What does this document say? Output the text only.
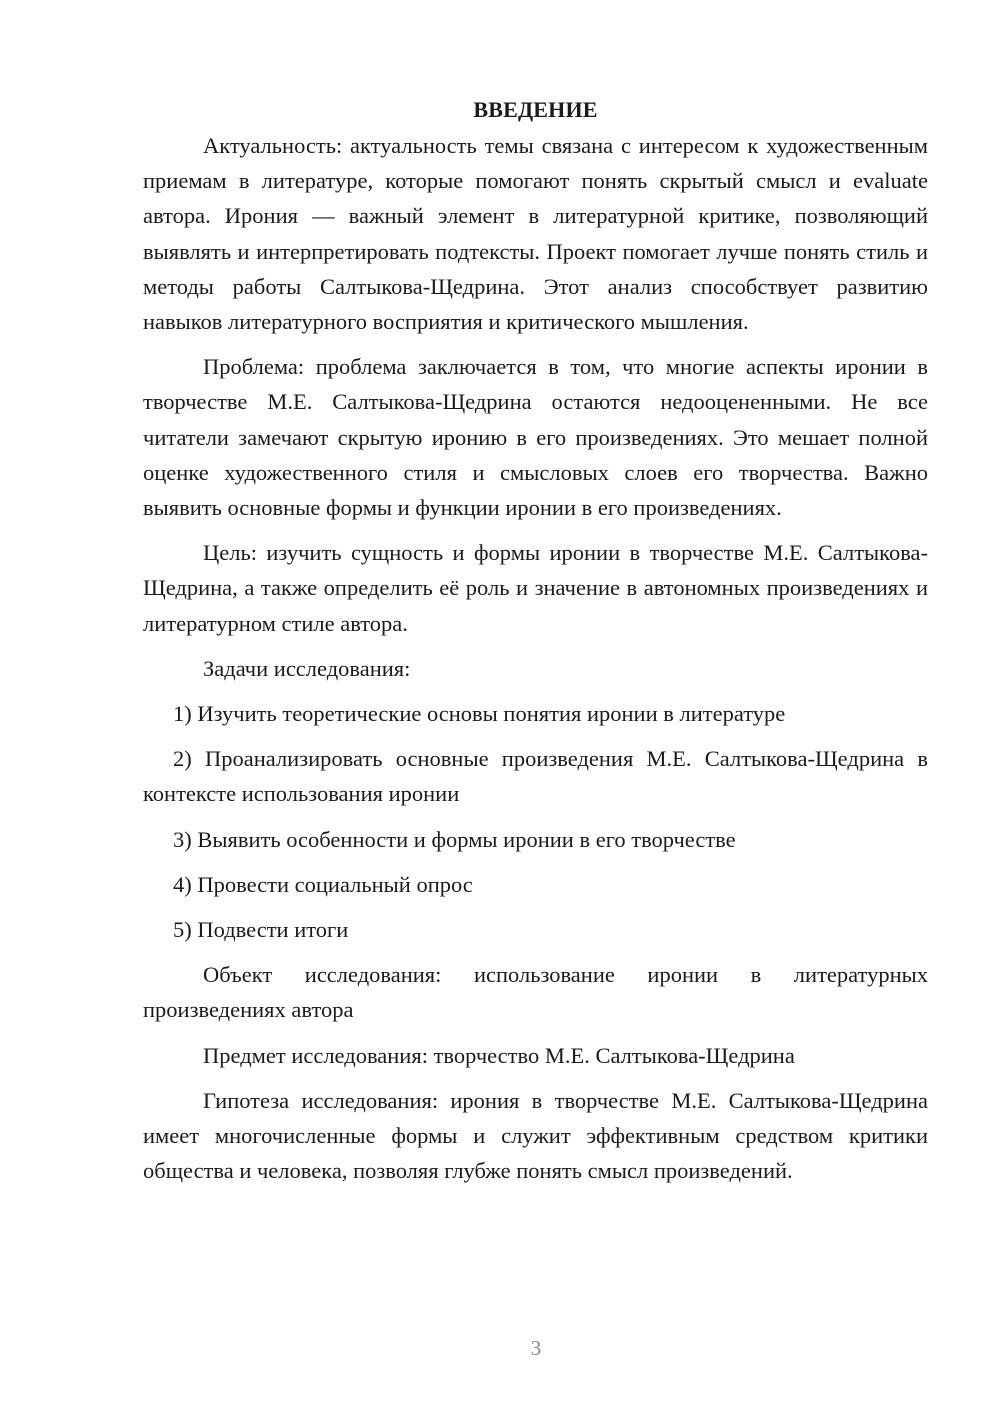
ВВЕДЕНИЕ

Актуальность: актуальность темы связана с интересом к художественным приемам в литературе, которые помогают понять скрытый смысл и evaluate автора. Ирония — важный элемент в литературной критике, позволяющий выявлять и интерпретировать подтексты. Проект помогает лучше понять стиль и методы работы Салтыкова-Щедрина. Этот анализ способствует развитию навыков литературного восприятия и критического мышления.

Проблема: проблема заключается в том, что многие аспекты иронии в творчестве М.Е. Салтыкова-Щедрина остаются недооцененными. Не все читатели замечают скрытую иронию в его произведениях. Это мешает полной оценке художественного стиля и смысловых слоев его творчества. Важно выявить основные формы и функции иронии в его произведениях.

Цель: изучить сущность и формы иронии в творчестве М.Е. Салтыкова-Щедрина, а также определить её роль и значение в автономных произведениях и литературном стиле автора.

Задачи исследования:

1) Изучить теоретические основы понятия иронии в литературе

2) Проанализировать основные произведения М.Е. Салтыкова-Щедрина в контексте использования иронии

3) Выявить особенности и формы иронии в его творчестве

4) Провести социальный опрос

5) Подвести итоги

Объект исследования: использование иронии в литературных произведениях автора

Предмет исследования: творчество М.Е. Салтыкова-Щедрина

Гипотеза исследования: ирония в творчестве М.Е. Салтыкова-Щедрина имеет многочисленные формы и служит эффективным средством критики общества и человека, позволяя глубже понять смысл произведений.

3
